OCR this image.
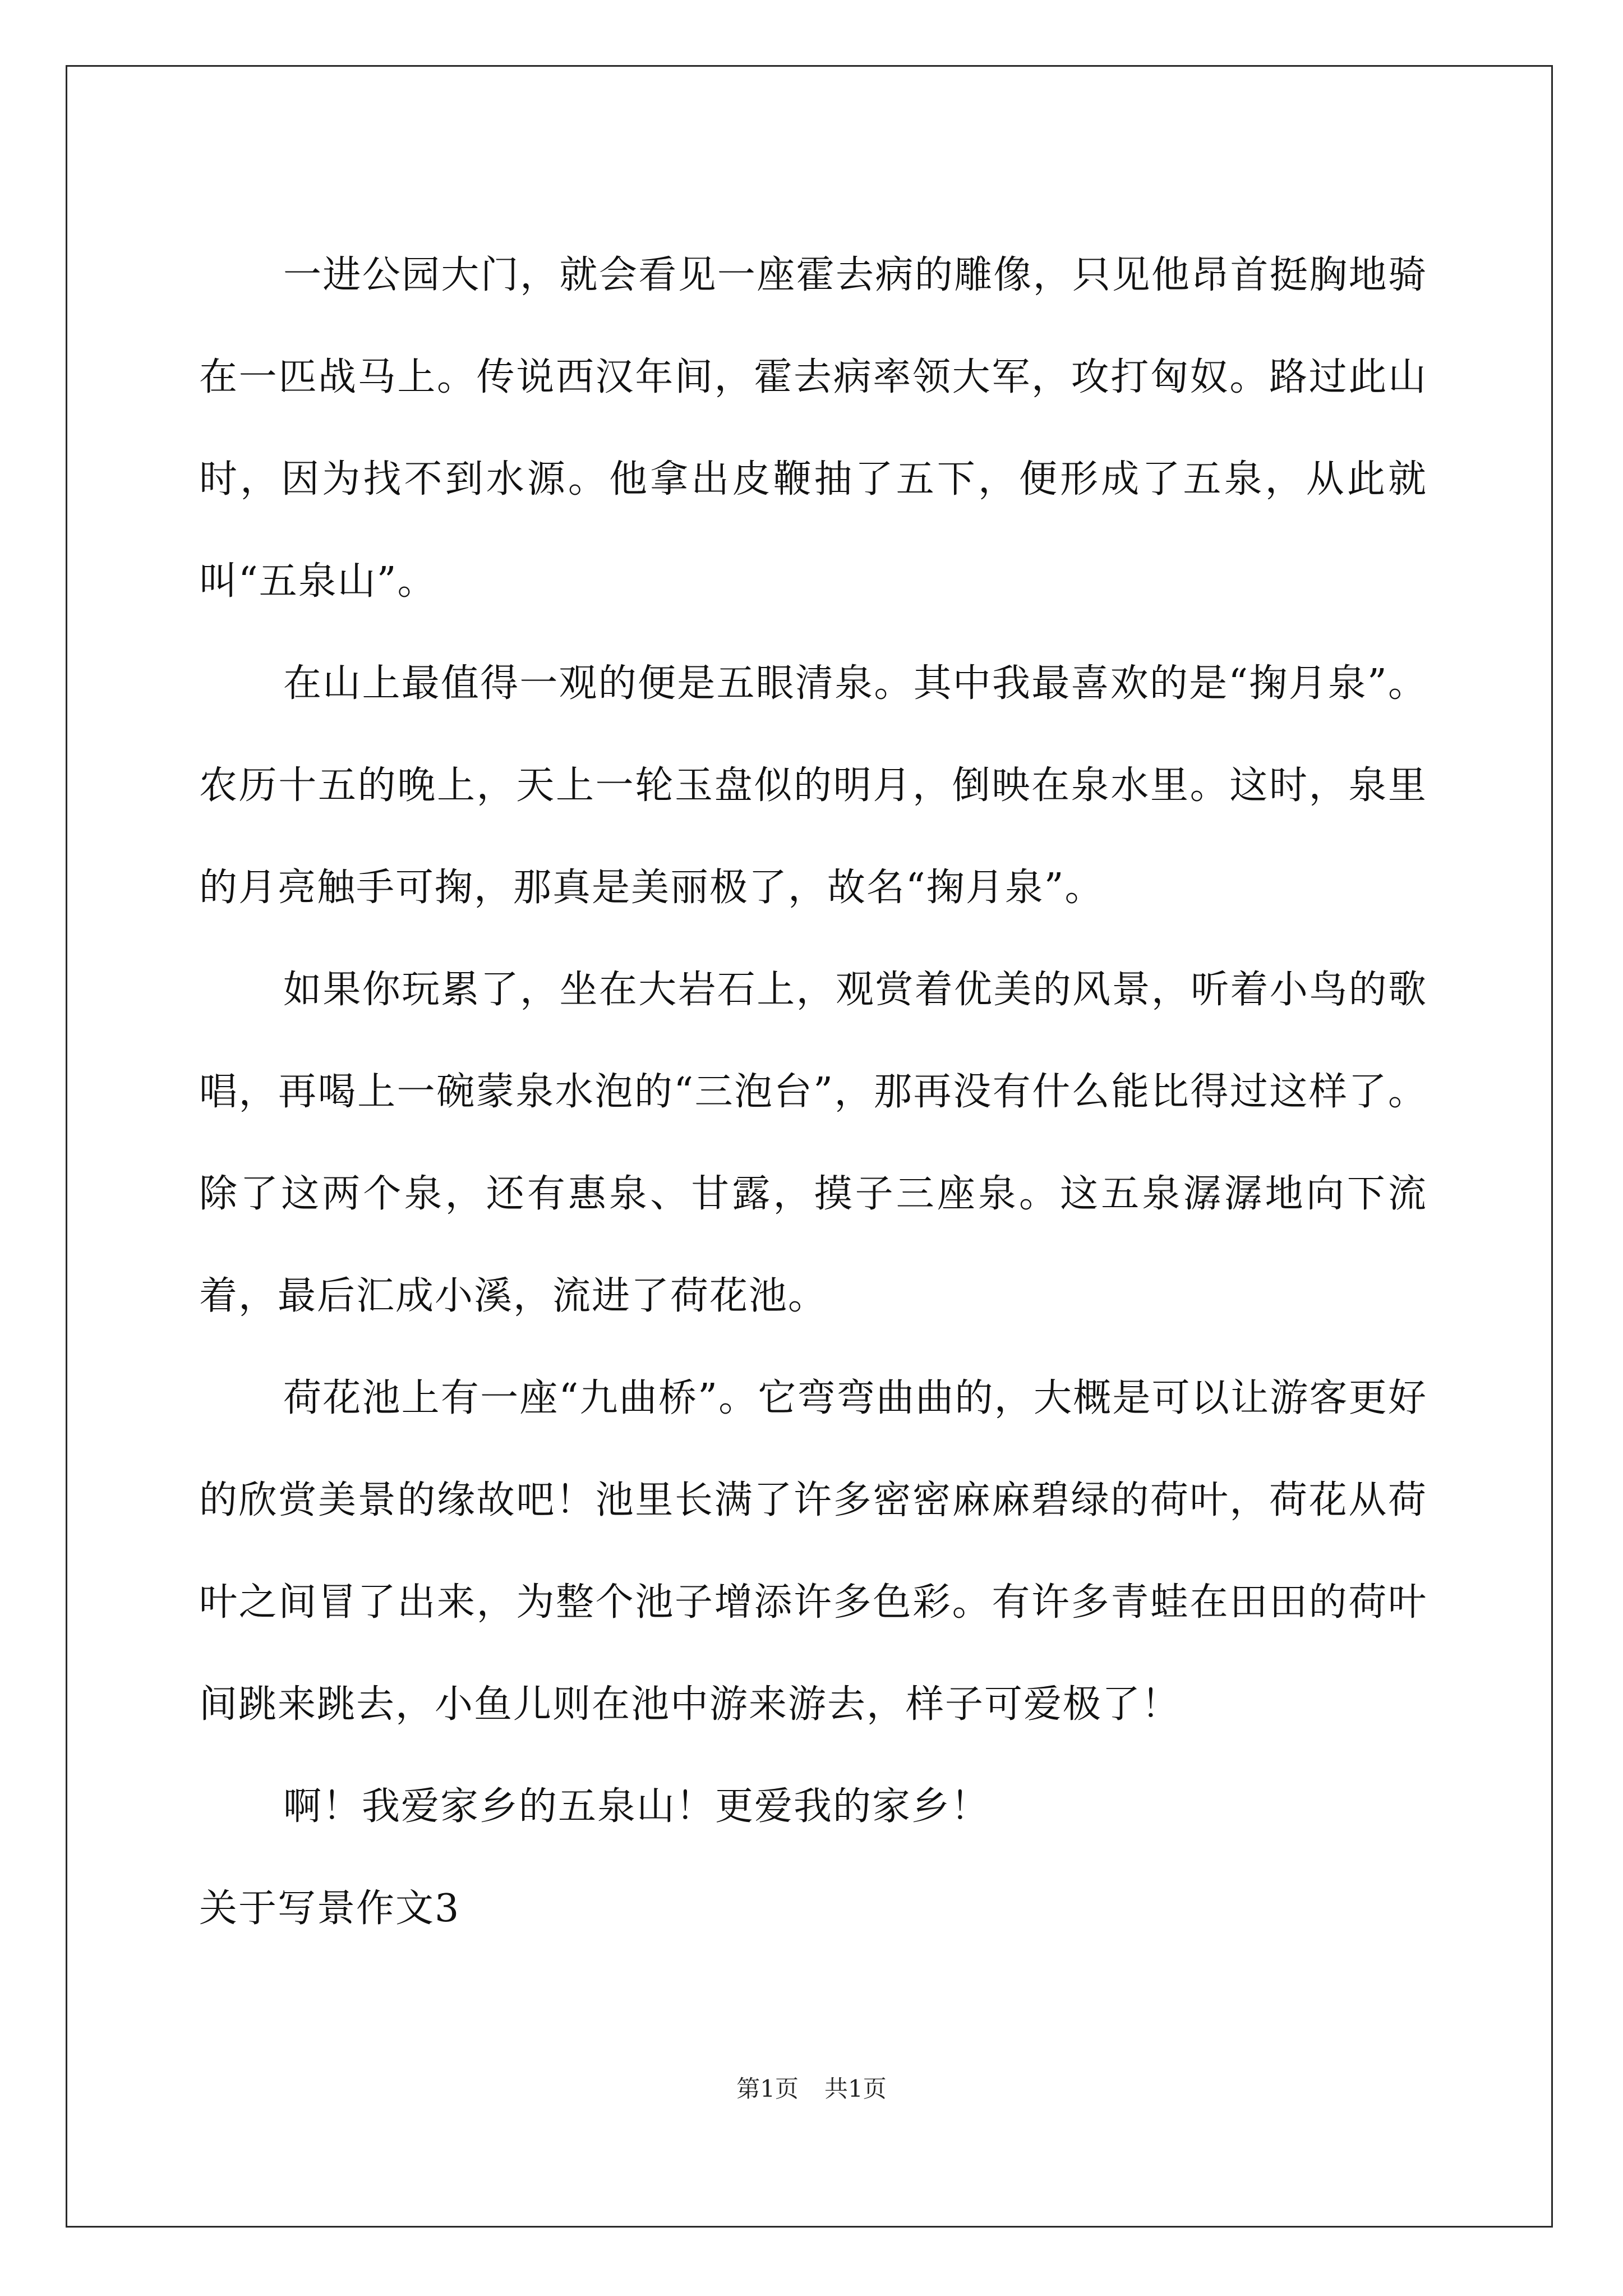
一进公园大门，就会看见一座霍去病的雕像，只见他昂首挺胸地骑在一匹战马上。传说西汉年间，霍去病率领大军，攻打匈奴。路过此山时，因为找不到水源。他拿出皮鞭抽了五下，便形成了五泉，从此就叫“五泉山”。

在山上最值得一观的便是五眼清泉。其中我最喜欢的是“掬月泉”。农历十五的晚上，天上一轮玉盘似的明月，倒映在泉水里。这时，泉里的月亮触手可掬，那真是美丽极了，故名“掬月泉”。

如果你玩累了，坐在大岩石上，观赏着优美的风景，听着小鸟的歌唱，再喝上一碗蒙泉水泡的“三泡台”，那再没有什么能比得过这样了。除了这两个泉，还有惠泉、甘露，摸子三座泉。这五泉潺潺地向下流着，最后汇成小溪，流进了荷花池。

荷花池上有一座“九曲桥”。它弯弯曲曲的，大概是可以让游客更好的欣赏美景的缘故吧！池里长满了许多密密麻麻碧绿的荷叶，荷花从荷叶之间冒了出来，为整个池子增添许多色彩。有许多青蛙在田田的荷叶间跳来跳去，小鱼儿则在池中游来游去，样子可爱极了！

啊！我爱家乡的五泉山！更爱我的家乡！

关于写景作文3

第1页 共1页
